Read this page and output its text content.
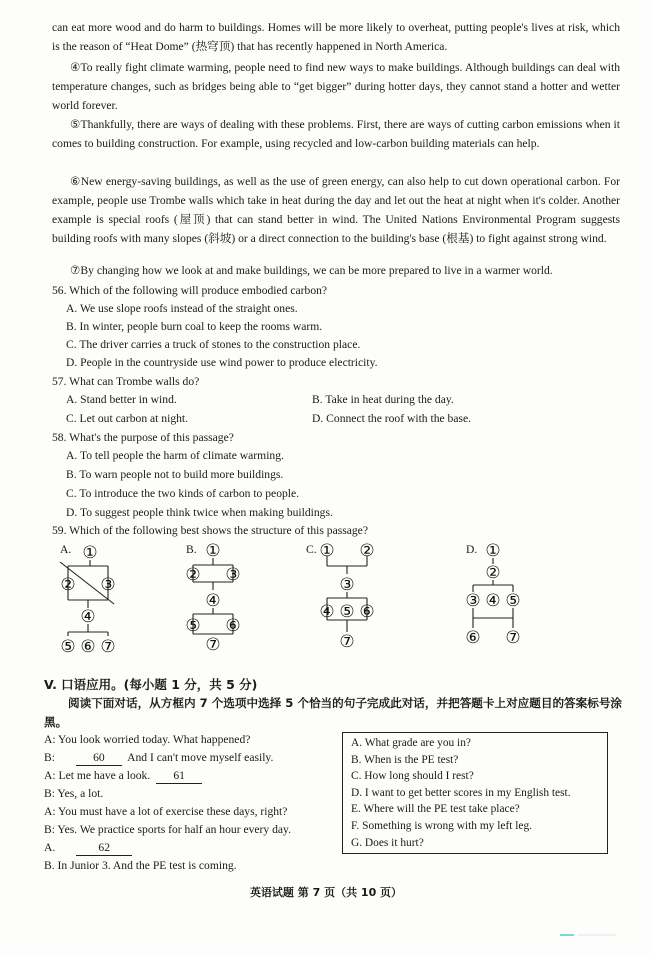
can eat more wood and do harm to buildings. Homes will be more likely to overheat, putting people's lives at risk, which is the reason of “Heat Dome” (热穹顶) that has recently happened in North America.

④To really fight climate warming, people need to find new ways to make buildings. Although buildings can deal with temperature changes, such as bridges being able to “get bigger” during hotter days, they cannot stand a hotter and wetter world forever.

⑤Thankfully, there are ways of dealing with these problems. First, there are ways of cutting carbon emissions when it comes to building construction. For example, using recycled and low-carbon building materials can help.

⑥New energy-saving buildings, as well as the use of green energy, can also help to cut down operational carbon. For example, people use Trombe walls which take in heat during the day and let out the heat at night when it's colder. Another example is special roofs (屋顶) that can stand better in wind. The United Nations Environmental Program suggests building roofs with many slopes (斜坡) or a direct connection to the building's base (根基) to fight against strong wind.

⑦By changing how we look at and make buildings, we can be more prepared to live in a warmer world.

56. Which of the following will produce embodied carbon?

A. We use slope roofs instead of the straight ones.

B. In winter, people burn coal to keep the rooms warm.

C. The driver carries a truck of stones to the construction place.

D. People in the countryside use wind power to produce electricity.

57. What can Trombe walls do?

A. Stand better in wind.	B. Take in heat during the day.

C. Let out carbon at night.	D. Connect the roof with the base.

58. What's the purpose of this passage?

A. To tell people the harm of climate warming.

B. To warn people not to build more buildings.

C. To introduce the two kinds of carbon to people.

D. To suggest people think twice when making buildings.

59. Which of the following best shows the structure of this passage?

①
② ③
④
⑤ ⑥ ⑦
①
② ③
④
⑤ ⑥
⑦
① ②
③
④ ⑤ ⑥
⑦
①
②
③ ④ ⑤
⑥ ⑦
A.	B.	C.	D.

V. 口语应用。(每小题 1 分，共 5 分)

阅读下面对话，从方框内 7 个选项中选择 5 个恰当的句子完成此对话，并把答题卡上对应题目的答案标号涂黑。

A: You look worried today. What happened?

B:	60 And I can't move myself easily.

A: Let me have a look. 61

B: Yes, a lot.

A: You must have a lot of exercise these days, right?

B: Yes. We practice sports for half an hour every day.

A.	62

B. In Junior 3. And the PE test is coming.

A. What grade are you in?
B. When is the PE test?
C. How long should I rest?
D. I want to get better scores in my English test.
E. Where will the PE test take place?
F. Something is wrong with my left leg.
G. Does it hurt?
英语试题 第 7 页（共 10 页）
